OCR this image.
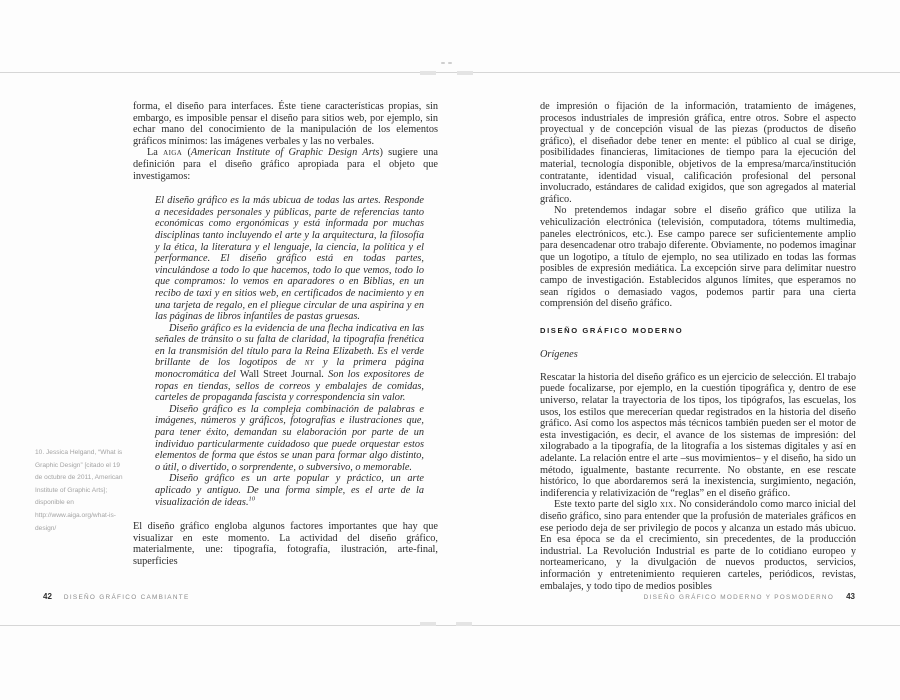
forma, el diseño para interfaces. Éste tiene características propias, sin embargo, es imposible pensar el diseño para sitios web, por ejemplo, sin echar mano del conocimiento de la manipulación de los elementos gráficos mínimos: las imágenes verbales y las no verbales.

La aiga (American Institute of Graphic Design Arts) sugiere una definición para el diseño gráfico apropiada para el objeto que investigamos:

El diseño gráfico es la más ubicua de todas las artes. Responde a necesidades personales y públicas, parte de referencias tanto económicas como ergonómicas y está informada por muchas disciplinas tanto incluyendo el arte y la arquitectura, la filosofía y la ética, la literatura y el lenguaje, la ciencia, la política y el performance. El diseño gráfico está en todas partes, vinculándose a todo lo que hacemos, todo lo que vemos, todo lo que compramos: lo vemos en aparadores o en Biblias, en un recibo de taxi y en sitios web, en certificados de nacimiento y en una tarjeta de regalo, en el pliegue circular de una aspirina y en las páginas de libros infantiles de pastas gruesas.

Diseño gráfico es la evidencia de una flecha indicativa en las señales de tránsito o su falta de claridad, la tipografía frenética en la transmisión del título para la Reina Elizabeth. Es el verde brillante de los logotipos de ny y la primera página monocromática del Wall Street Journal. Son los expositores de ropas en tiendas, sellos de correos y embalajes de comidas, carteles de propaganda fascista y correspondencia sin valor.

Diseño gráfico es la compleja combinación de palabras e imágenes, números y gráficos, fotografías e ilustraciones que, para tener éxito, demandan su elaboración por parte de un individuo particularmente cuidadoso que puede orquestar estos elementos de forma que éstos se unan para formar algo distinto, o útil, o divertido, o sorprendente, o subversivo, o memorable.

Diseño gráfico es un arte popular y práctico, un arte aplicado y antiguo. De una forma simple, es el arte de la visualización de ideas.$^{10}$

El diseño gráfico engloba algunos factores importantes que hay que visualizar en este momento. La actividad del diseño gráfico, materialmente, une: tipografía, fotografía, ilustración, arte-final, superficies

10. Jessica Helgand, “What is Graphic Design” [citado el 19 de octubre de 2011, American Institute of Graphic Arts]; disponible en http://www.aiga.org/what-is-design/
42 DISEÑO GRÁFICO CAMBIANTE

de impresión o fijación de la información, tratamiento de imágenes, procesos industriales de impresión gráfica, entre otros. Sobre el aspecto proyectual y de concepción visual de las piezas (productos de diseño gráfico), el diseñador debe tener en mente: el público al cual se dirige, posibilidades financieras, limitaciones de tiempo para la ejecución del material, tecnología disponible, objetivos de la empresa/marca/institución contratante, identidad visual, calificación profesional del personal involucrado, estándares de calidad exigidos, que son agregados al material gráfico.

No pretendemos indagar sobre el diseño gráfico que utiliza la vehiculización electrónica (televisión, computadora, tótems multimedia, paneles electrónicos, etc.). Ese campo parece ser suficientemente amplio para desencadenar otro trabajo diferente. Obviamente, no podemos imaginar que un logotipo, a título de ejemplo, no sea utilizado en todas las formas posibles de expresión mediática. La excepción sirve para delimitar nuestro campo de investigación. Establecidos algunos límites, que esperamos no sean rígidos o demasiado vagos, podemos partir para una cierta comprensión del diseño gráfico.

DISEÑO GRÁFICO MODERNO

Orígenes

Rescatar la historia del diseño gráfico es un ejercicio de selección. El trabajo puede focalizarse, por ejemplo, en la cuestión tipográfica y, dentro de ese universo, relatar la trayectoria de los tipos, los tipógrafos, las escuelas, los usos, los estilos que merecerían quedar registrados en la historia del diseño gráfico. Así como los aspectos más técnicos también pueden ser el motor de esta investigación, es decir, el avance de los sistemas de impresión: del xilograbado a la tipografía, de la litografía a los sistemas digitales y así en adelante. La relación entre el arte –sus movimientos– y el diseño, ha sido un método, igualmente, bastante recurrente. No obstante, en ese rescate histórico, lo que abordaremos será la inexistencia, surgimiento, negación, indiferencia y relativización de “reglas” en el diseño gráfico.

Este texto parte del siglo xix. No considerándolo como marco inicial del diseño gráfico, sino para entender que la profusión de materiales gráficos en ese periodo deja de ser privilegio de pocos y alcanza un estado más ubicuo. En esa época se da el crecimiento, sin precedentes, de la producción industrial. La Revolución Industrial es parte de lo cotidiano europeo y norteamericano, y la divulgación de nuevos productos, servicios, información y entretenimiento requieren carteles, periódicos, revistas, embalajes, y todo tipo de medios posibles

DISEÑO GRÁFICO MODERNO Y POSMODERNO 43
